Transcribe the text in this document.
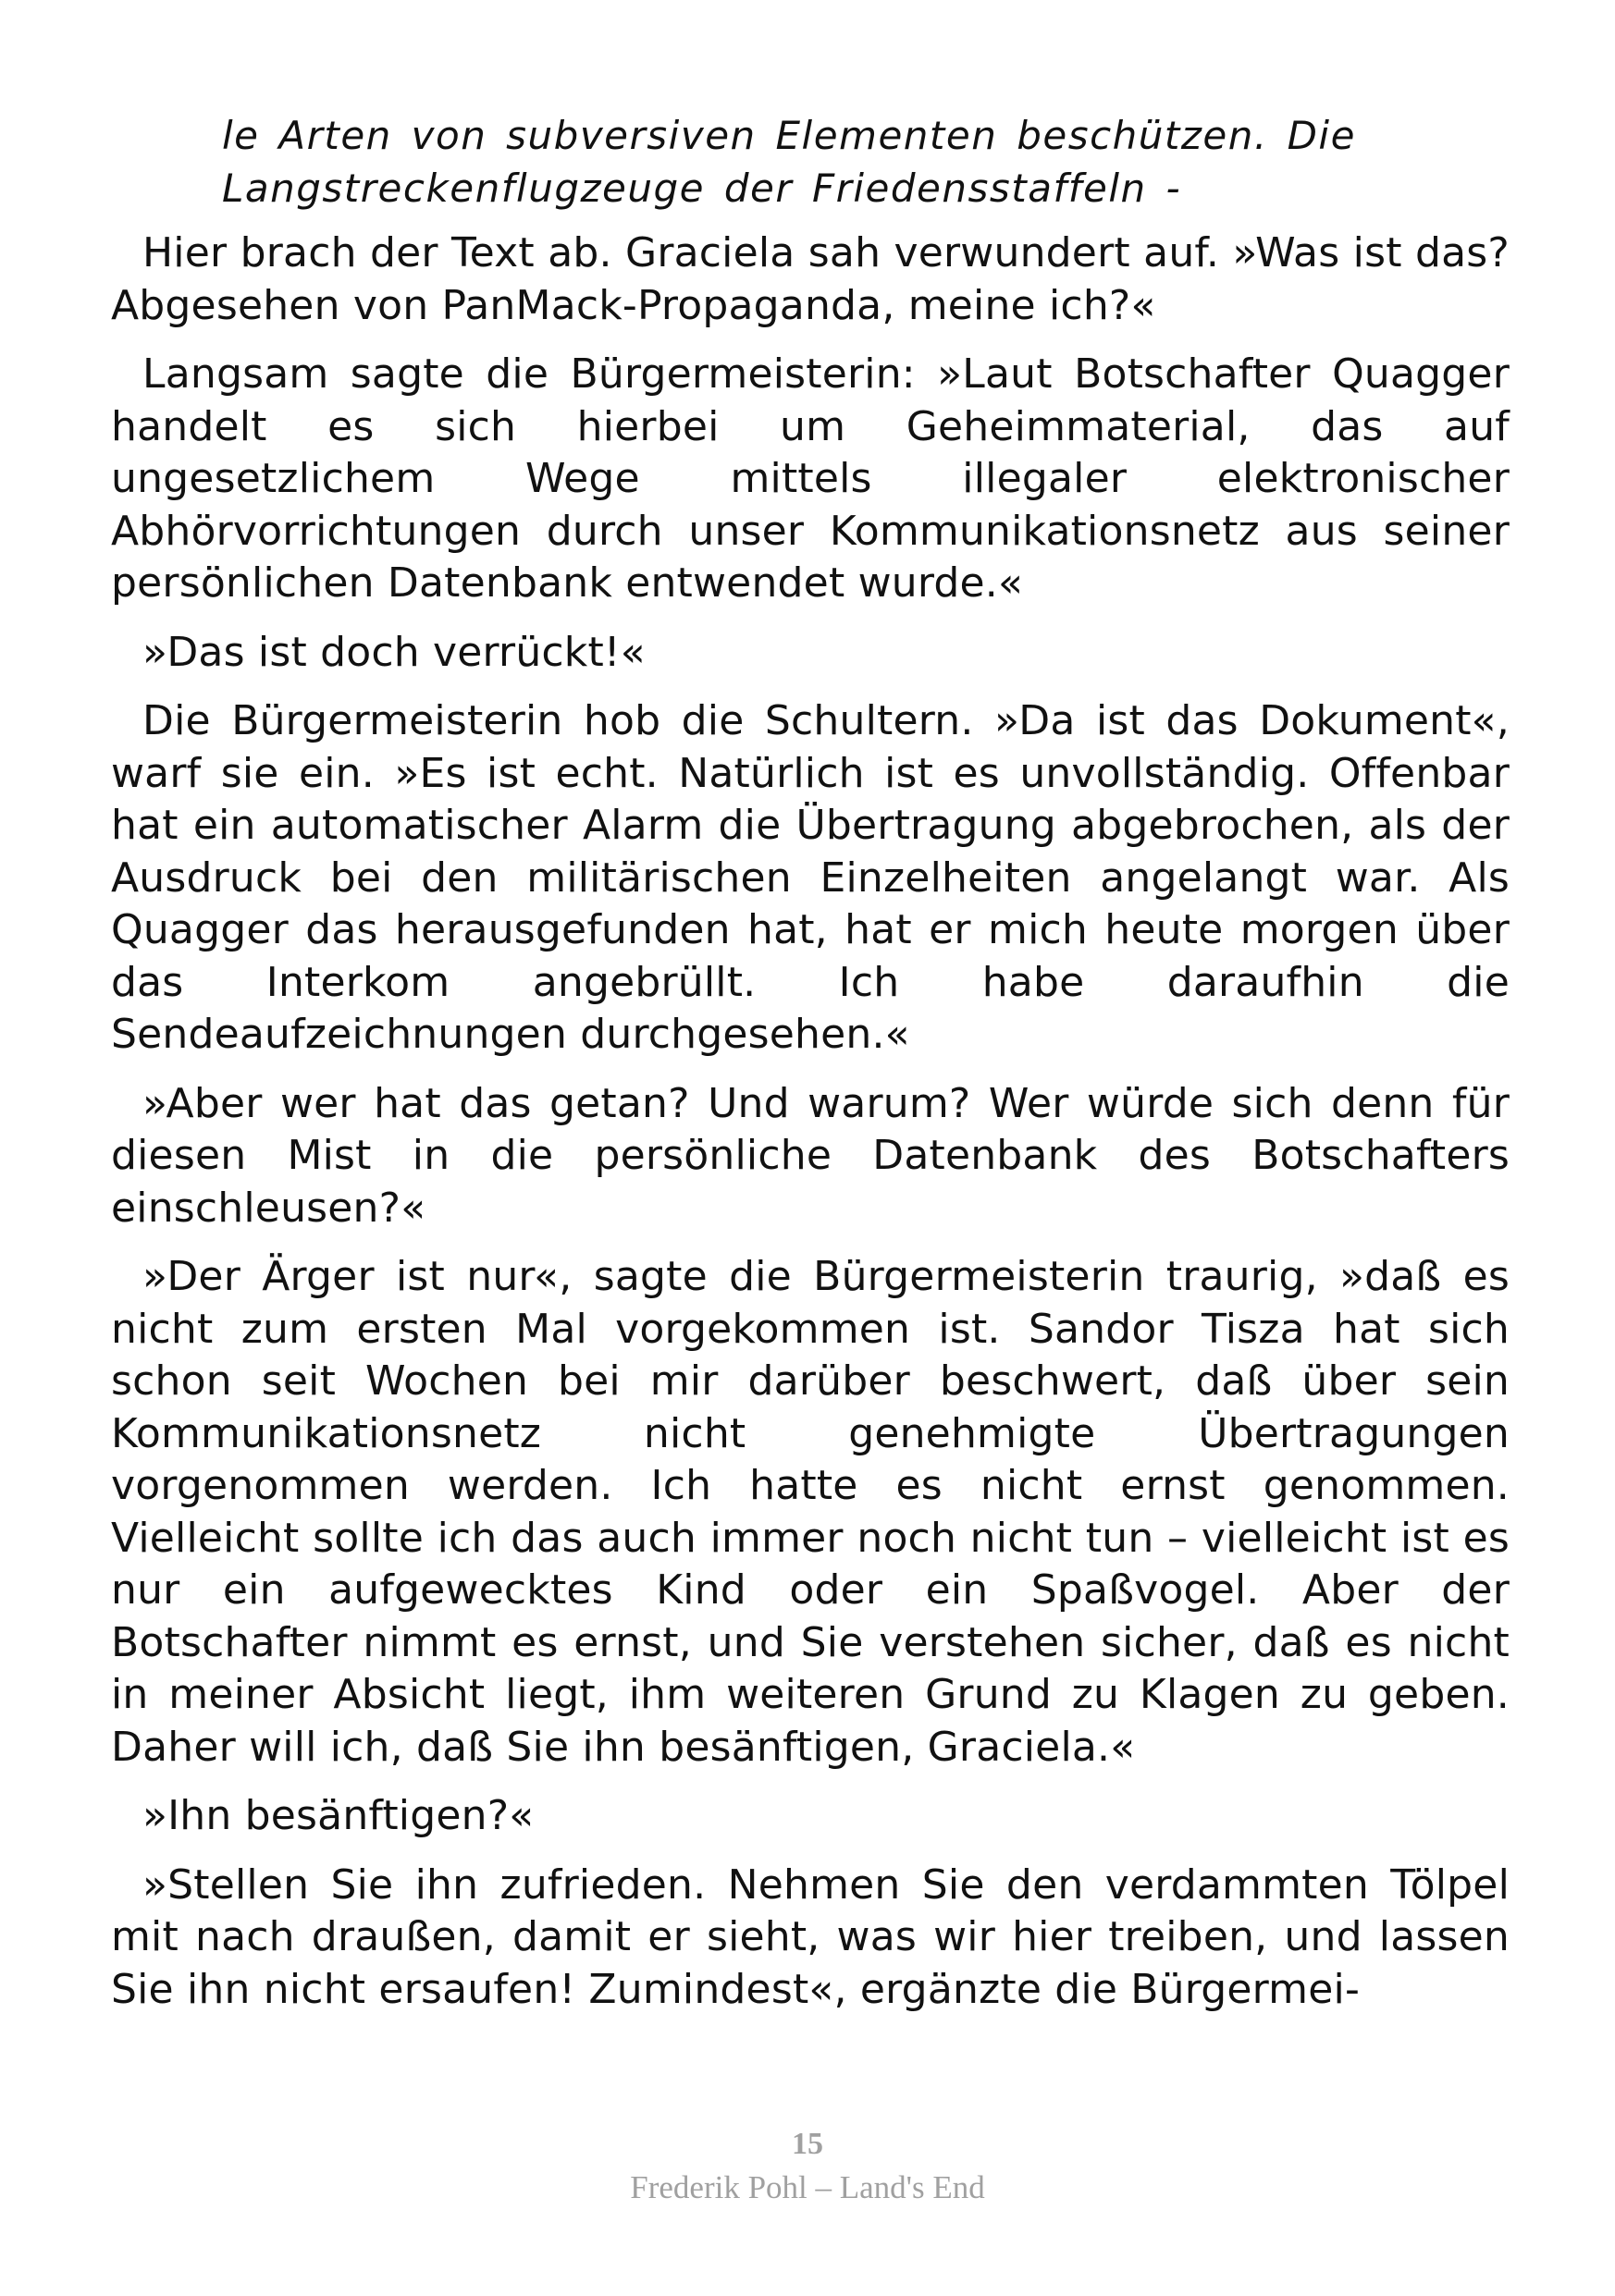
le Arten von subversiven Elementen beschützen. Die
Langstreckenflugzeuge der Friedensstaffeln -

Hier brach der Text ab. Graciela sah verwundert auf. »Was ist das? Abgesehen von PanMack-Propaganda, meine ich?«

Langsam sagte die Bürgermeisterin: »Laut Botschafter Quagger handelt es sich hierbei um Geheimmaterial, das auf ungesetzlichem Wege mittels illegaler elektronischer Abhörvorrichtungen durch unser Kommunikationsnetz aus seiner persönlichen Datenbank entwendet wurde.«

»Das ist doch verrückt!«

Die Bürgermeisterin hob die Schultern. »Da ist das Dokument«, warf sie ein. »Es ist echt. Natürlich ist es unvollständig. Offenbar hat ein automatischer Alarm die Übertragung abgebrochen, als der Ausdruck bei den militärischen Einzelheiten angelangt war. Als Quagger das herausgefunden hat, hat er mich heute morgen über das Interkom angebrüllt. Ich habe daraufhin die Sendeaufzeichnungen durchgesehen.«

»Aber wer hat das getan? Und warum? Wer würde sich denn für diesen Mist in die persönliche Datenbank des Botschafters einschleusen?«

»Der Ärger ist nur«, sagte die Bürgermeisterin traurig, »daß es nicht zum ersten Mal vorgekommen ist. Sandor Tisza hat sich schon seit Wochen bei mir darüber beschwert, daß über sein Kommunikationsnetz nicht genehmigte Übertragungen vorgenommen werden. Ich hatte es nicht ernst genommen. Vielleicht sollte ich das auch immer noch nicht tun – vielleicht ist es nur ein aufgewecktes Kind oder ein Spaßvogel. Aber der Botschafter nimmt es ernst, und Sie verstehen sicher, daß es nicht in meiner Absicht liegt, ihm weiteren Grund zu Klagen zu geben. Daher will ich, daß Sie ihn besänftigen, Graciela.«

»Ihn besänftigen?«

»Stellen Sie ihn zufrieden. Nehmen Sie den verdammten Tölpel mit nach draußen, damit er sieht, was wir hier treiben, und lassen Sie ihn nicht ersaufen! Zumindest«, ergänzte die Bürgermei-

15
Frederik Pohl – Land's End
